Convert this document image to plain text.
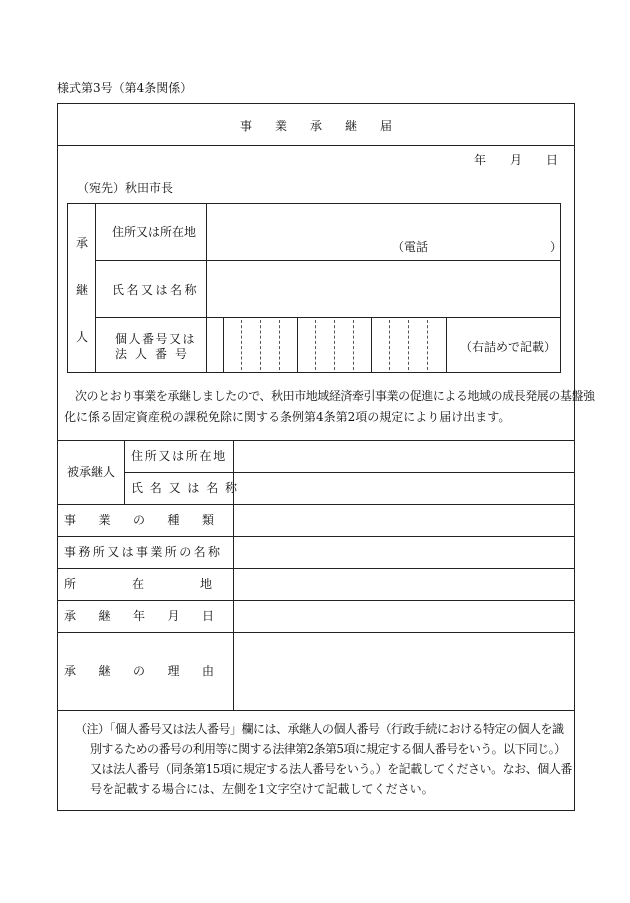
様式第3号（第4条関係）
事 業 承 継 届
年 月 日
（宛先）秋田市長
承
継
人
住所又は所在地
（電話	）
氏名又は名称
個人番号又は
法人番号	（右詰めで記載）
次のとおり事業を承継しましたので、秋田市地域経済牽引事業の促進による地域の成長発展の基盤強
化に係る固定資産税の課税免除に関する条例第4条第2項の規定により届け出ます。
被承継人
住所又は所在地
氏名又は名称
事業の種類
事務所又は事業所の名称
所在地
承継年月日
承継の理由
（注）「個人番号又は法人番号」欄には、承継人の個人番号（行政手続における特定の個人を識
別するための番号の利用等に関する法律第2条第5項に規定する個人番号をいう。以下同じ。）
又は法人番号（同条第15項に規定する法人番号をいう。）を記載してください。なお、個人番
号を記載する場合には、左側を1文字空けて記載してください。
